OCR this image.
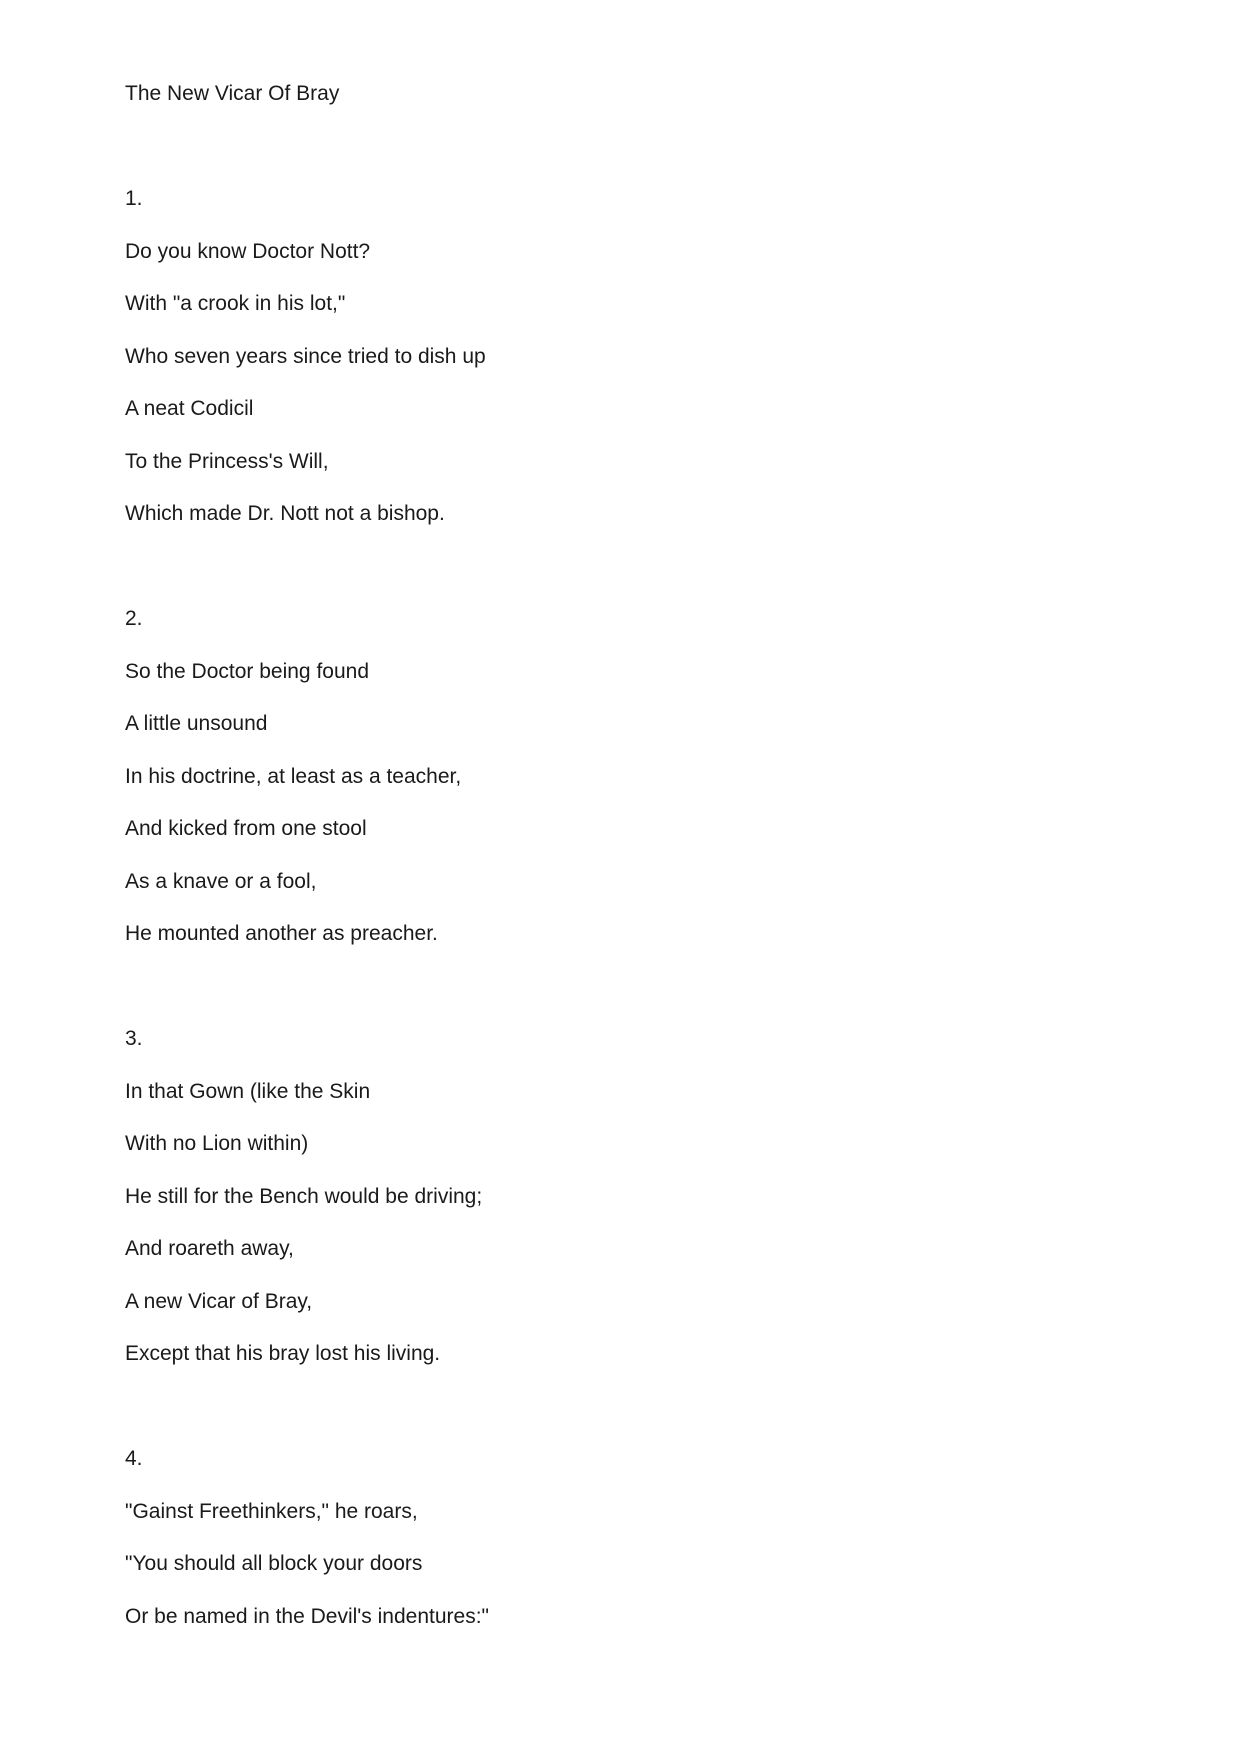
The New Vicar Of Bray
1.
Do you know Doctor Nott?
With "a crook in his lot,"
Who seven years since tried to dish up
A neat Codicil
To the Princess's Will,
Which made Dr. Nott not a bishop.
2.
So the Doctor being found
A little unsound
In his doctrine, at least as a teacher,
And kicked from one stool
As a knave or a fool,
He mounted another as preacher.
3.
In that Gown (like the Skin
With no Lion within)
He still for the Bench would be driving;
And roareth away,
A new Vicar of Bray,
Except that his bray lost his living.
4.
"Gainst Freethinkers," he roars,
"You should all block your doors
Or be named in the Devil's indentures:"
